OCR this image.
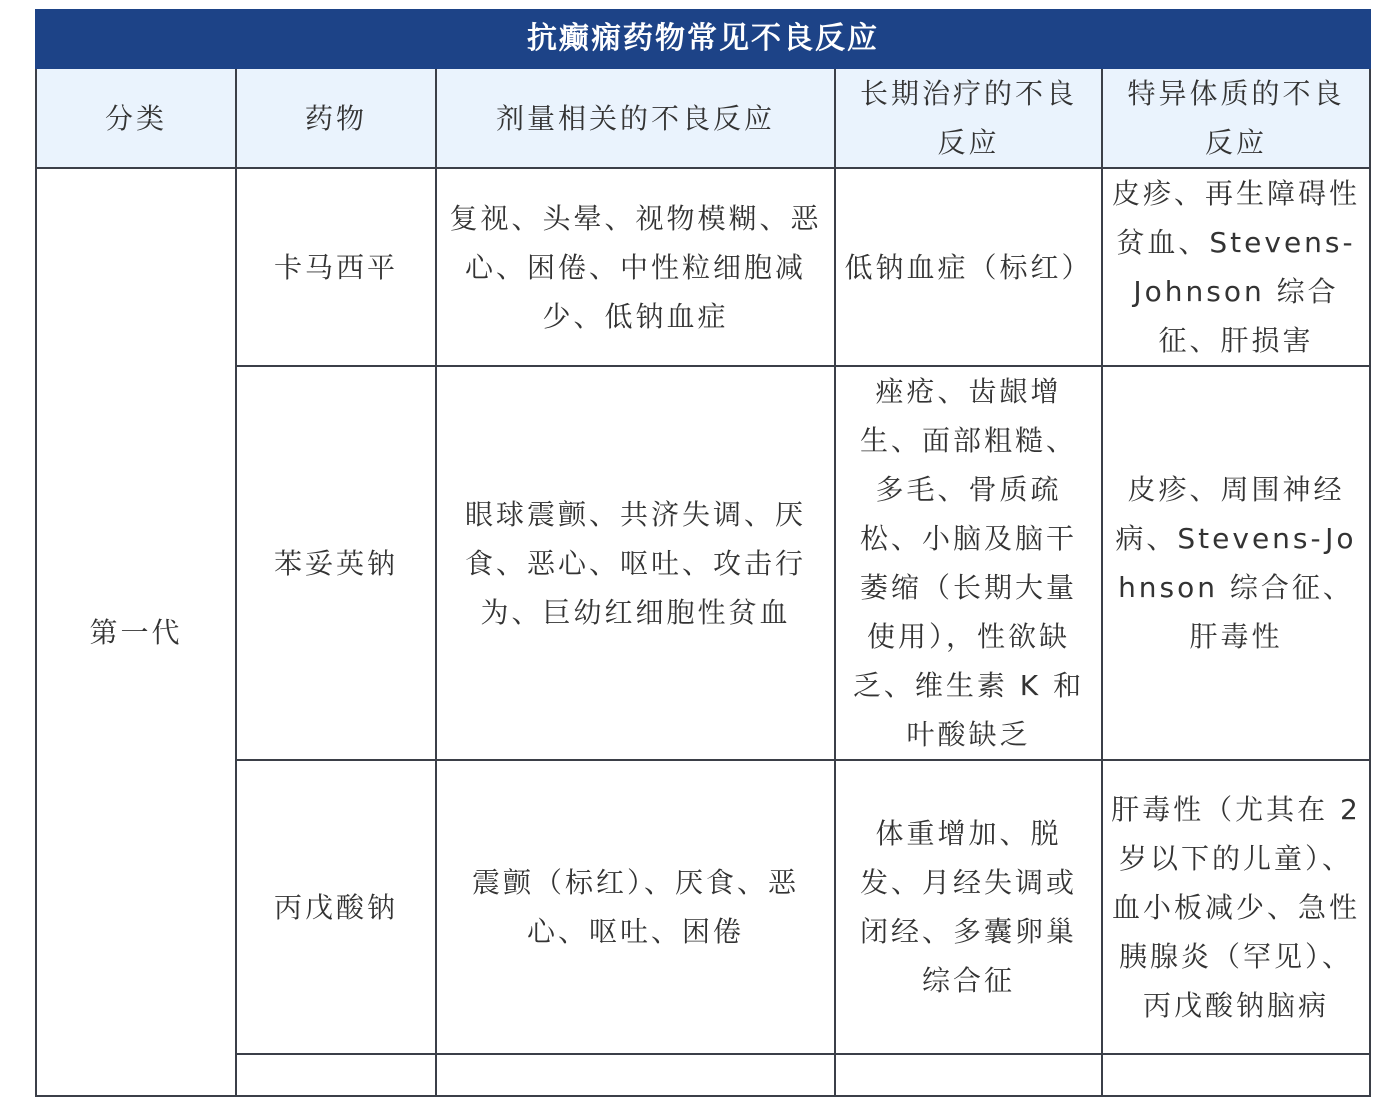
抗癫痫药物常见不良反应				
分类	药物	剂量相关的不良反应	长期治疗的不良反应	特异体质的不良反应
第一代	卡马西平	复视、头晕、视物模糊、恶心、困倦、中性粒细胞减少、低钠血症	低钠血症（标红）	皮疹、再生障碍性贫血、Stevens-Johnson 综合征、肝损害
	苯妥英钠	眼球震颤、共济失调、厌食、恶心、呕吐、攻击行为、巨幼红细胞性贫血	痤疮、齿龈增生、面部粗糙、多毛、骨质疏松、小脑及脑干萎缩（长期大量使用），性欲缺乏、维生素 K 和叶酸缺乏	皮疹、周围神经病、Stevens-Johnson 综合征、肝毒性
	丙戊酸钠	震颤（标红）、厌食、恶心、呕吐、困倦	体重增加、脱发、月经失调或闭经、多囊卵巢综合征	肝毒性（尤其在 2 岁以下的儿童）、血小板减少、急性胰腺炎（罕见）、丙戊酸钠脑病
